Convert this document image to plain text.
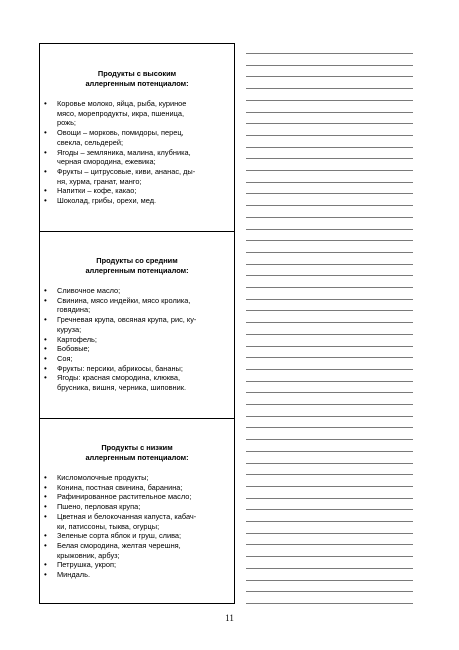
Продукты с высоким
аллергенным потенциалом:
• Коровье молоко, яйца, рыба, куриное
мясо, морепродукты, икра, пшеница,
рожь;
• Овощи – морковь, помидоры, перец,
свекла, сельдерей;
• Ягоды – земляника, малина, клубника,
черная смородина, ежевика;
• Фрукты – цитрусовые, киви, ананас, ды-
ня, хурма, гранат, манго;
• Напитки – кофе, какао;
• Шоколад, грибы, орехи, мед.
Продукты со средним
аллергенным потенциалом:
• Сливочное масло;
• Свинина, мясо индейки, мясо кролика,
говядина;
• Гречневая крупа, овсяная крупа, рис, ку-
куруза;
• Картофель;
• Бобовые;
• Соя;
• Фрукты: персики, абрикосы, бананы;
• Ягоды: красная смородина, клюква,
брусника, вишня, черника, шиповник.
Продукты с низким
аллергенным потенциалом:
• Кисломолочные продукты;
• Конина, постная свинина, баранина;
• Рафинированное растительное масло;
• Пшено, перловая крупа;
• Цветная и белокочанная капуста, кабач-
ки, патиссоны, тыква, огурцы;
• Зеленые сорта яблок и груш, слива;
• Белая смородина, желтая черешня,
крыжовник, арбуз;
• Петрушка, укроп;
• Миндаль.
11
